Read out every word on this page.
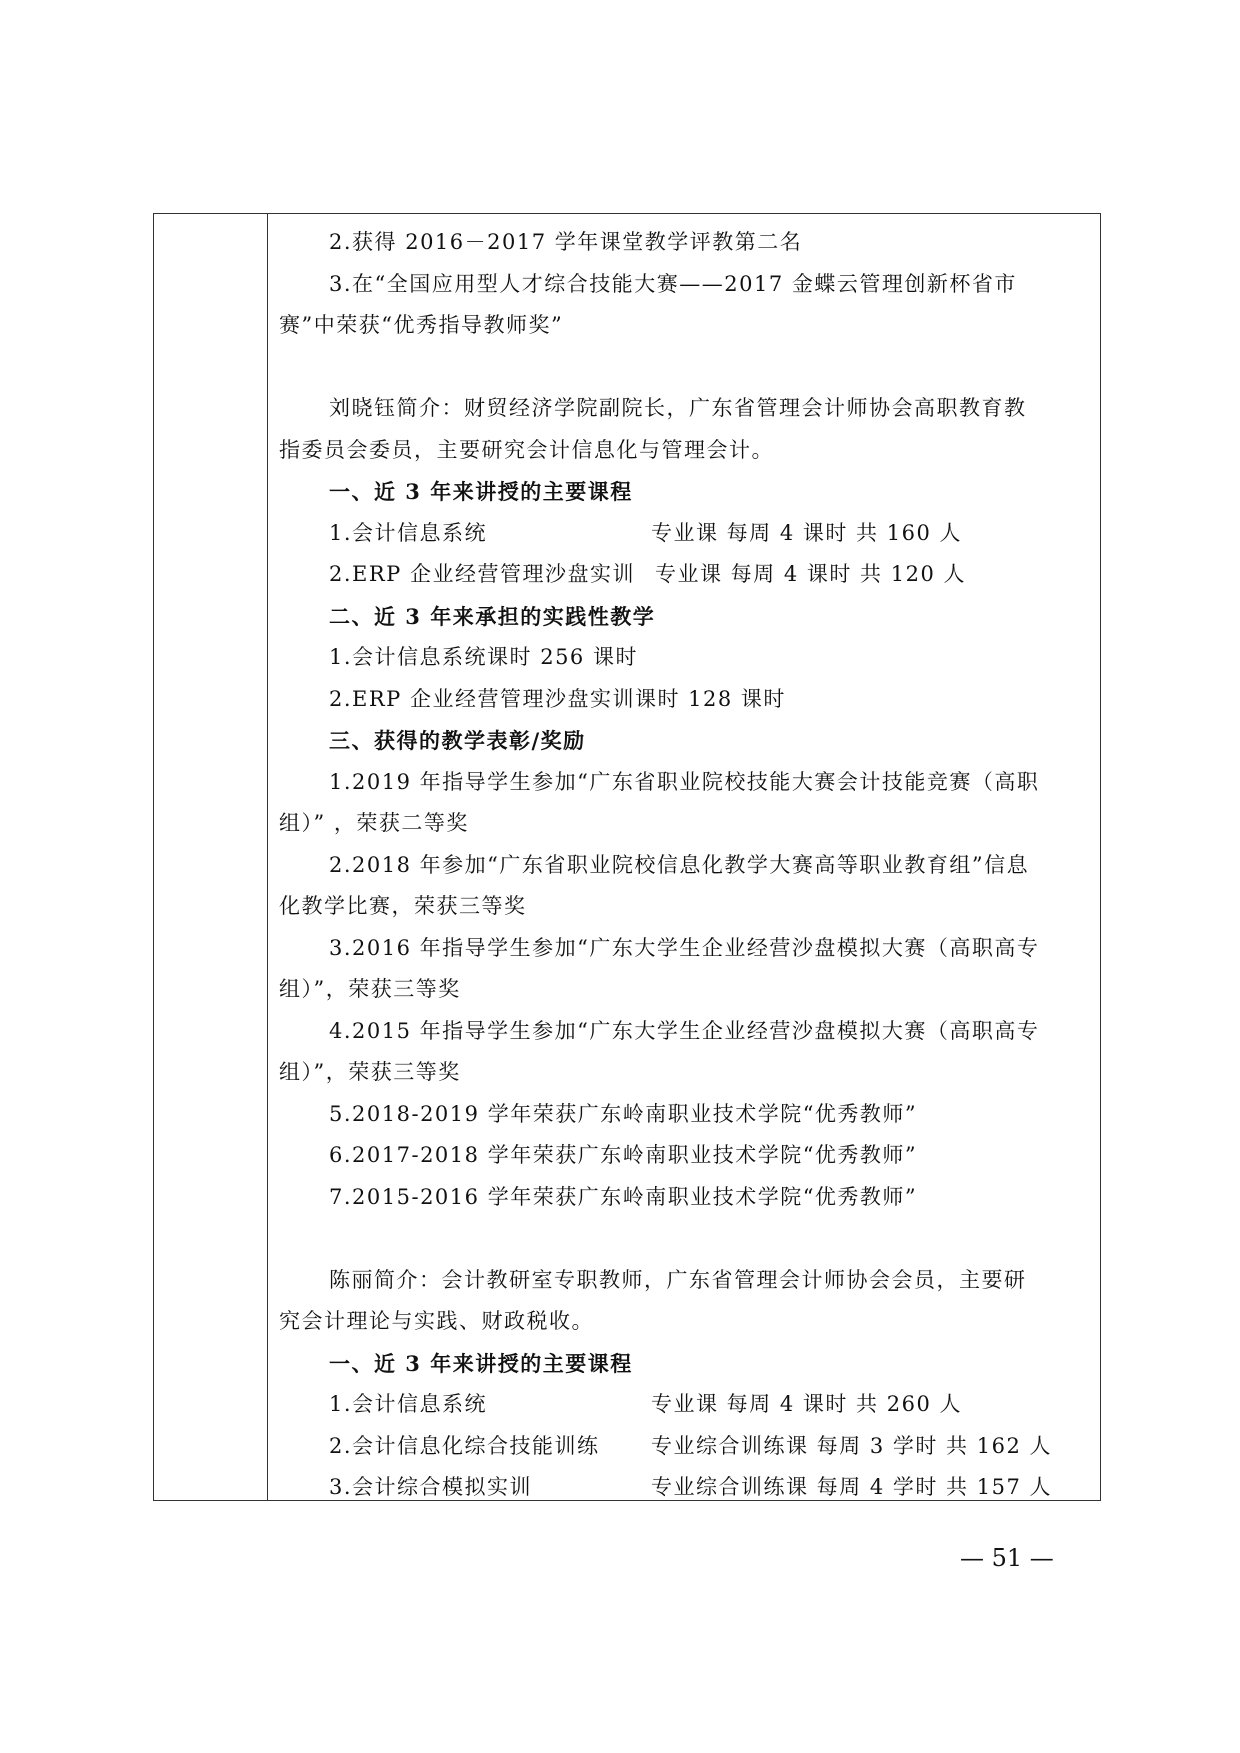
2.获得 2016－2017 学年课堂教学评教第二名
3.在“全国应用型人才综合技能大赛——2017 金蝶云管理创新杯省市
赛”中荣获“优秀指导教师奖”
刘晓钰简介：财贸经济学院副院长，广东省管理会计师协会高职教育教
指委员会委员，主要研究会计信息化与管理会计。
一、近 3 年来讲授的主要课程
1.会计信息系统	专业课 每周 4 课时 共 160 人
2.ERP 企业经营管理沙盘实训 专业课 每周 4 课时 共 120 人
二、近 3 年来承担的实践性教学
1.会计信息系统课时 256 课时
2.ERP 企业经营管理沙盘实训课时 128 课时
三、获得的教学表彰/奖励
1.2019 年指导学生参加“广东省职业院校技能大赛会计技能竞赛（高职
组）” ，荣获二等奖
2.2018 年参加“广东省职业院校信息化教学大赛高等职业教育组”信息
化教学比赛，荣获三等奖
3.2016 年指导学生参加“广东大学生企业经营沙盘模拟大赛（高职高专
组）”，荣获三等奖
4.2015 年指导学生参加“广东大学生企业经营沙盘模拟大赛（高职高专
组）”，荣获三等奖
5.2018-2019 学年荣获广东岭南职业技术学院“优秀教师”
6.2017-2018 学年荣获广东岭南职业技术学院“优秀教师”
7.2015-2016 学年荣获广东岭南职业技术学院“优秀教师”
陈丽简介：会计教研室专职教师，广东省管理会计师协会会员，主要研
究会计理论与实践、财政税收。
一、近 3 年来讲授的主要课程
1.会计信息系统	专业课 每周 4 课时 共 260 人
2.会计信息化综合技能训练 专业综合训练课 每周 3 学时 共 162 人
3.会计综合模拟实训	专业综合训练课 每周 4 学时 共 157 人
— 51 —
